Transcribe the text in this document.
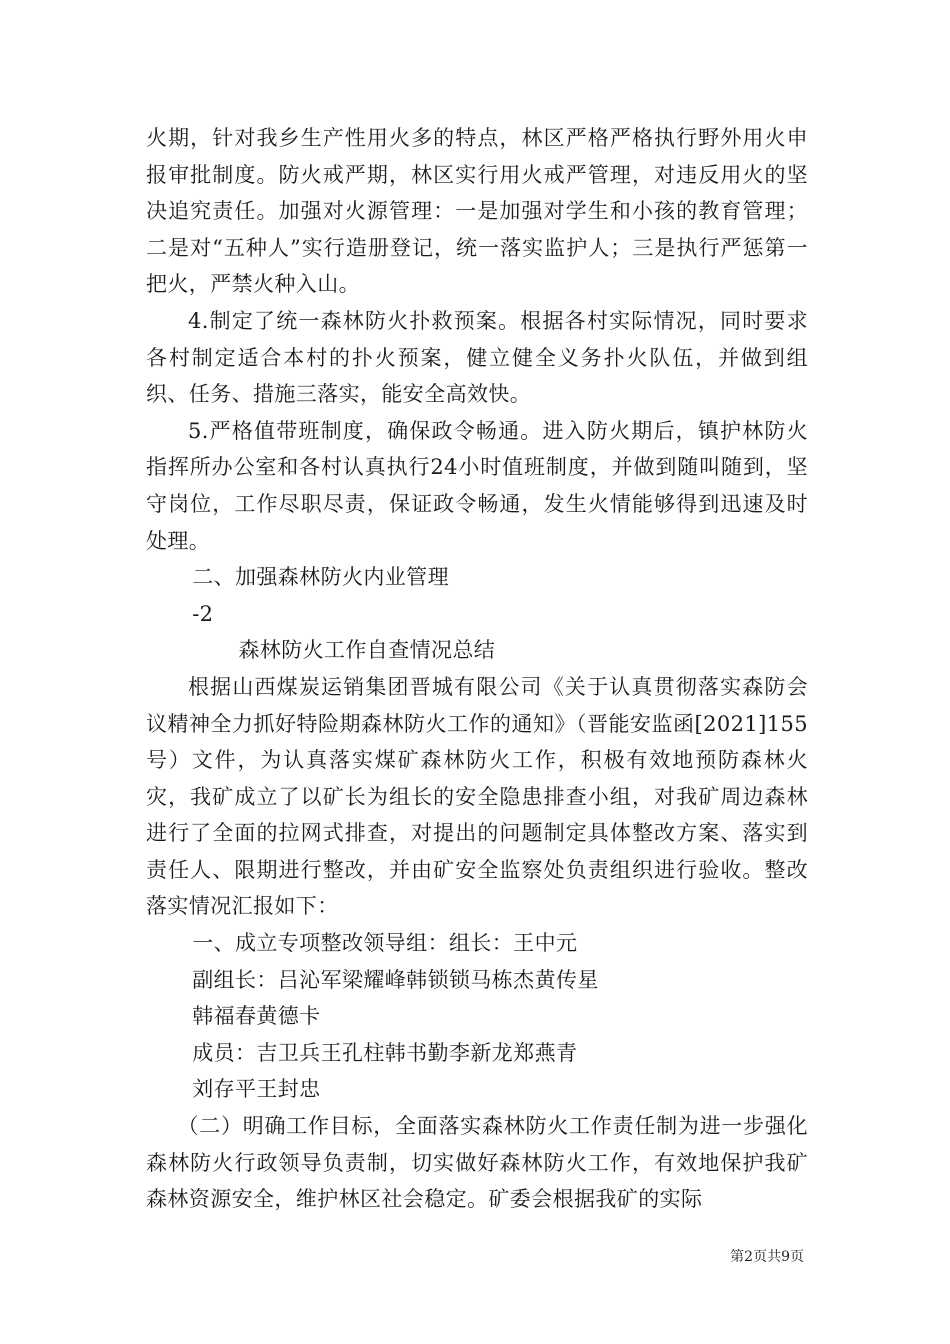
火期，针对我乡生产性用火多的特点，林区严格严格执行野外用火申报审批制度。防火戒严期，林区实行用火戒严管理，对违反用火的坚决追究责任。加强对火源管理：一是加强对学生和小孩的教育管理；二是对“五种人”实行造册登记，统一落实监护人；三是执行严惩第一把火，严禁火种入山。

4.制定了统一森林防火扑救预案。根据各村实际情况，同时要求各村制定适合本村的扑火预案，健立健全义务扑火队伍，并做到组织、任务、措施三落实，能安全高效快。

5.严格值带班制度，确保政令畅通。进入防火期后，镇护林防火指挥所办公室和各村认真执行24小时值班制度，并做到随叫随到，坚守岗位，工作尽职尽责，保证政令畅通，发生火情能够得到迅速及时处理。

二、加强森林防火内业管理

-2

森林防火工作自查情况总结

根据山西煤炭运销集团晋城有限公司《关于认真贯彻落实森防会议精神全力抓好特险期森林防火工作的通知》（晋能安监函[2021]155号）文件，为认真落实煤矿森林防火工作，积极有效地预防森林火灾，我矿成立了以矿长为组长的安全隐患排查小组，对我矿周边森林进行了全面的拉网式排查，对提出的问题制定具体整改方案、落实到责任人、限期进行整改，并由矿安全监察处负责组织进行验收。整改落实情况汇报如下：

一、成立专项整改领导组：组长：王中元

副组长：吕沁军梁耀峰韩锁锁马栋杰黄传星

韩福春黄德卡

成员：吉卫兵王孔柱韩书勤李新龙郑燕青

刘存平王封忠

（二）明确工作目标，全面落实森林防火工作责任制为进一步强化森林防火行政领导负责制，切实做好森林防火工作，有效地保护我矿森林资源安全，维护林区社会稳定。矿委会根据我矿的实际

第2页共9页
